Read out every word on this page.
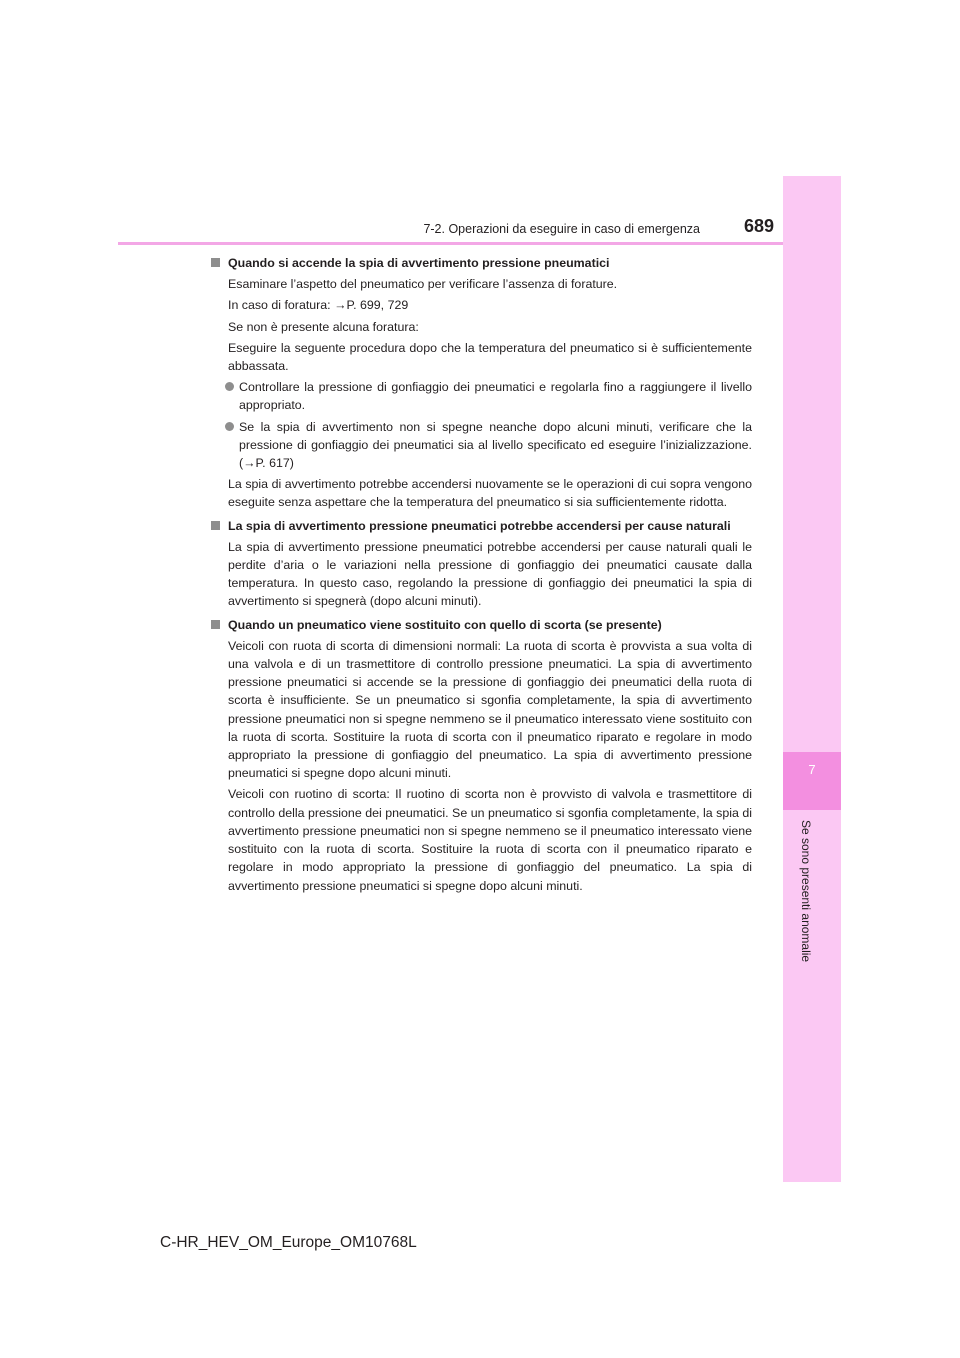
7
Se sono presenti anomalie
7-2. Operazioni da eseguire in caso di emergenza	689
Quando si accende la spia di avvertimento pressione pneumatici
Esaminare l’aspetto del pneumatico per verificare l’assenza di forature.
In caso di foratura: →P. 699, 729
Se non è presente alcuna foratura:
Eseguire la seguente procedura dopo che la temperatura del pneumatico si è sufficientemente abbassata.
Controllare la pressione di gonfiaggio dei pneumatici e regolarla fino a raggiungere il livello appropriato.
Se la spia di avvertimento non si spegne neanche dopo alcuni minuti, verificare che la pressione di gonfiaggio dei pneumatici sia al livello specificato ed eseguire l’inizializzazione. (→P. 617)
La spia di avvertimento potrebbe accendersi nuovamente se le operazioni di cui sopra vengono eseguite senza aspettare che la temperatura del pneumatico si sia sufficientemente ridotta.
La spia di avvertimento pressione pneumatici potrebbe accendersi per cause naturali
La spia di avvertimento pressione pneumatici potrebbe accendersi per cause naturali quali le perdite d’aria o le variazioni nella pressione di gonfiaggio dei pneumatici causate dalla temperatura. In questo caso, regolando la pressione di gonfiaggio dei pneumatici la spia di avvertimento si spegnerà (dopo alcuni minuti).
Quando un pneumatico viene sostituito con quello di scorta (se presente)
Veicoli con ruota di scorta di dimensioni normali: La ruota di scorta è provvista a sua volta di una valvola e di un trasmettitore di controllo pressione pneumatici. La spia di avvertimento pressione pneumatici si accende se la pressione di gonfiaggio dei pneumatici della ruota di scorta è insufficiente. Se un pneumatico si sgonfia completamente, la spia di avvertimento pressione pneumatici non si spegne nemmeno se il pneumatico interessato viene sostituito con la ruota di scorta. Sostituire la ruota di scorta con il pneumatico riparato e regolare in modo appropriato la pressione di gonfiaggio del pneumatico. La spia di avvertimento pressione pneumatici si spegne dopo alcuni minuti.
Veicoli con ruotino di scorta: Il ruotino di scorta non è provvisto di valvola e trasmettitore di controllo della pressione dei pneumatici. Se un pneumatico si sgonfia completamente, la spia di avvertimento pressione pneumatici non si spegne nemmeno se il pneumatico interessato viene sostituito con la ruota di scorta. Sostituire la ruota di scorta con il pneumatico riparato e regolare in modo appropriato la pressione di gonfiaggio del pneumatico. La spia di avvertimento pressione pneumatici si spegne dopo alcuni minuti.
C-HR_HEV_OM_Europe_OM10768L
